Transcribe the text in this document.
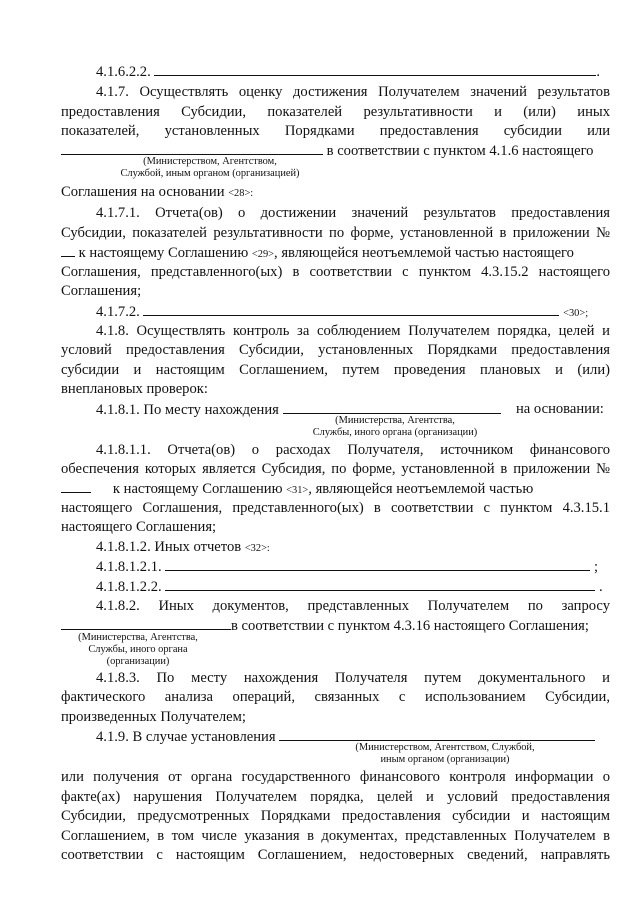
4.1.6.2.2.	.
4.1.7. Осуществлять оценку достижения Получателем значений результатов
предоставления Субсидии, показателей результативности и (или) иных
показателей, установленных Порядками предоставления субсидии или
в соответствии с пунктом 4.1.6 настоящего
(Министерством, Агентством,
Службой, иным органом (организацией)
Соглашения на основании <28>:
4.1.7.1. Отчета(ов) о достижении значений результатов предоставления
Субсидии, показателей результативности по форме, установленной в приложении №
к настоящему Соглашению <29>, являющейся неотъемлемой частью настоящего
Соглашения, представленного(ых) в соответствии с пунктом 4.3.15.2 настоящего
Соглашения;
4.1.7.2.	<30>;
4.1.8. Осуществлять контроль за соблюдением Получателем порядка, целей и
условий предоставления Субсидии, установленных Порядками предоставления
субсидии и настоящим Соглашением, путем проведения плановых и (или)
внеплановых проверок:
4.1.8.1. По месту нахождения	на основании:
(Министерства, Агентства,
Службы, иного органа (организации)
4.1.8.1.1. Отчета(ов) о расходах Получателя, источником финансового
обеспечения которых является Субсидия, по форме, установленной в приложении №
к настоящему Соглашению <31>, являющейся неотъемлемой частью
настоящего Соглашения, представленного(ых) в соответствии с пунктом 4.3.15.1
настоящего Соглашения;
4.1.8.1.2. Иных отчетов <32>:
4.1.8.1.2.1.	;
4.1.8.1.2.2.	.
4.1.8.2. Иных документов, представленных Получателем по запросу
в соответствии с пунктом 4.3.16 настоящего Соглашения;
(Министерства, Агентства,
Службы, иного органа
(организации)
4.1.8.3. По месту нахождения Получателя путем документального и
фактического анализа операций, связанных с использованием Субсидии,
произведенных Получателем;
4.1.9. В случае установления
(Министерством, Агентством, Службой,
иным органом (организации)
или получения от органа государственного финансового контроля информации о
факте(ах) нарушения Получателем порядка, целей и условий предоставления
Субсидии, предусмотренных Порядками предоставления субсидии и настоящим
Соглашением, в том числе указания в документах, представленных Получателем в
соответствии с настоящим Соглашением, недостоверных сведений, направлять
